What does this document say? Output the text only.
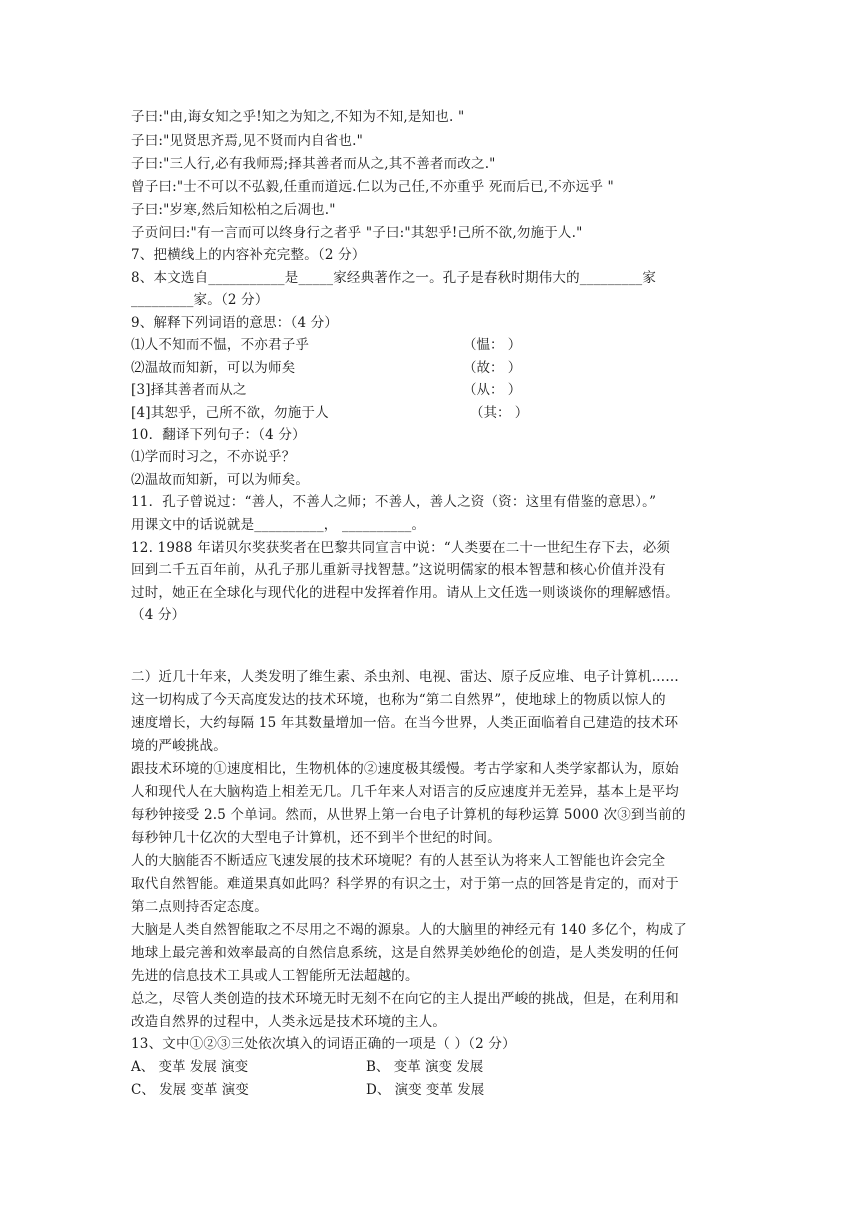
子曰:"由,诲女知之乎!知之为知之,不知为不知,是知也. "
子曰:"见贤思齐焉,见不贤而内自省也."
子曰:"三人行,必有我师焉;择其善者而从之,其不善者而改之."
曾子曰:"士不可以不弘毅,任重而道远.仁以为己任,不亦重乎 死而后已,不亦远乎 "
子曰:"岁寒,然后知松柏之后凋也."
子贡问曰:"有一言而可以终身行之者乎 "子曰:"其恕乎!己所不欲,勿施于人."
7、把横线上的内容补充完整。（2 分）
8、本文选自___________是_____家经典著作之一。孔子是春秋时期伟大的_________家
_________家。（2 分）
9、解释下列词语的意思：（4 分）
⑴人不知而不愠，不亦君子乎	（愠： ）
⑵温故而知新，可以为师矣	（故： ）
[3]择其善者而从之	（从： ）
[4]其恕乎，己所不欲，勿施于人	（其： ）
10．翻译下列句子：（4 分）
⑴学而时习之，不亦说乎？
⑵温故而知新，可以为师矣。
11．孔子曾说过：“善人，不善人之师；不善人，善人之资（资：这里有借鉴的意思）。”
用课文中的话说就是__________， __________。
12. 1988 年诺贝尔奖获奖者在巴黎共同宣言中说：“人类要在二十一世纪生存下去，必须
回到二千五百年前，从孔子那儿重新寻找智慧。”这说明儒家的根本智慧和核心价值并没有
过时，她正在全球化与现代化的进程中发挥着作用。请从上文任选一则谈谈你的理解感悟。
（4 分）
二）近几十年来，人类发明了维生素、杀虫剂、电视、雷达、原子反应堆、电子计算机……
这一切构成了今天高度发达的技术环境，也称为“第二自然界”，使地球上的物质以惊人的
速度增长，大约每隔 15 年其数量增加一倍。在当今世界，人类正面临着自己建造的技术环
境的严峻挑战。
跟技术环境的①速度相比，生物机体的②速度极其缓慢。考古学家和人类学家都认为，原始
人和现代人在大脑构造上相差无几。几千年来人对语言的反应速度并无差异，基本上是平均
每秒钟接受 2.5 个单词。然而，从世界上第一台电子计算机的每秒运算 5000 次③到当前的
每秒钟几十亿次的大型电子计算机，还不到半个世纪的时间。
人的大脑能否不断适应飞速发展的技术环境呢？有的人甚至认为将来人工智能也许会完全
取代自然智能。难道果真如此吗？科学界的有识之士，对于第一点的回答是肯定的，而对于
第二点则持否定态度。
大脑是人类自然智能取之不尽用之不竭的源泉。人的大脑里的神经元有 140 多亿个，构成了
地球上最完善和效率最高的自然信息系统，这是自然界美妙绝伦的创造，是人类发明的任何
先进的信息技术工具或人工智能所无法超越的。
总之，尽管人类创造的技术环境无时无刻不在向它的主人提出严峻的挑战，但是，在利用和
改造自然界的过程中，人类永远是技术环境的主人。
13、文中①②③三处依次填入的词语正确的一项是（ ）（2 分）
A、 变革 发展 演变	B、 变革 演变 发展
C、 发展 变革 演变	D、 演变 变革 发展
